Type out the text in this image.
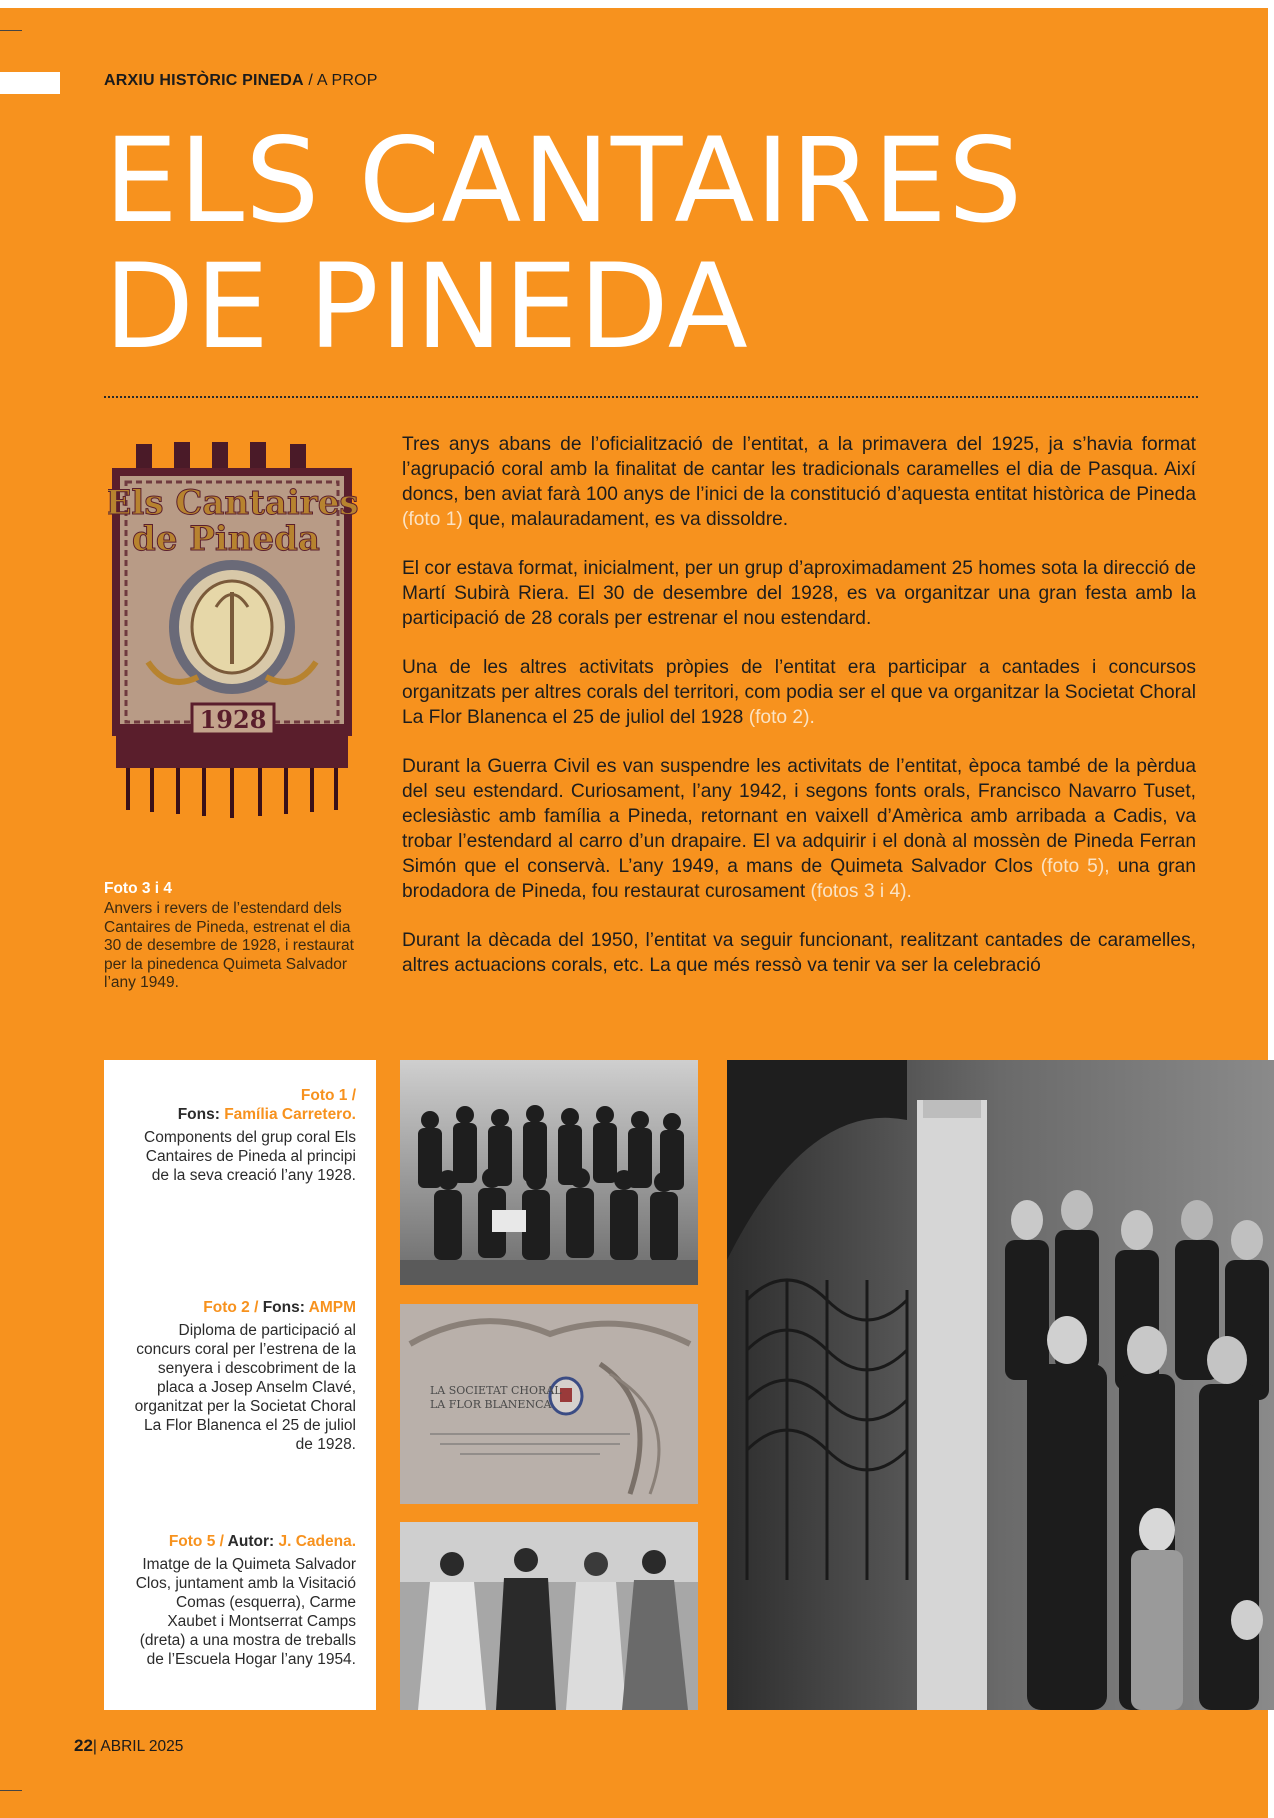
ARXIU HISTÒRIC PINEDA / A PROP
ELS CANTAIRES
DE PINEDA
Els Cantaires
de Pineda
1928
Foto 3 i 4
Anvers i revers de l’estendard dels Cantaires de Pineda, estrenat el dia 30 de desembre de 1928, i restaurat per la pinedenca Quimeta Salvador l’any 1949.

Tres anys abans de l’oficialització de l’entitat, a la primavera del 1925, ja s’havia format l’agrupació coral amb la finalitat de cantar les tradicionals caramelles el dia de Pasqua. Així doncs, ben aviat farà 100 anys de l’inici de la constitució d’aquesta entitat històrica de Pineda (foto 1) que, malauradament, es va dissoldre.

El cor estava format, inicialment, per un grup d’aproximadament 25 homes sota la direcció de Martí Subirà Riera. El 30 de desembre del 1928, es va organitzar una gran festa amb la participació de 28 corals per estrenar el nou estendard.

Una de les altres activitats pròpies de l’entitat era participar a cantades i concursos organitzats per altres corals del territori, com podia ser el que va organitzar la Societat Choral La Flor Blanenca el 25 de juliol del 1928 (foto 2).

Durant la Guerra Civil es van suspendre les activitats de l’entitat, època també de la pèrdua del seu estendard. Curiosament, l’any 1942, i segons fonts orals, Francisco Navarro Tuset, eclesiàstic amb família a Pineda, retornant en vaixell d’Amèrica amb arribada a Cadis, va trobar l’estendard al carro d’un drapaire. El va adquirir i el donà al mossèn de Pineda Ferran Simón que el conservà. L’any 1949, a mans de Quimeta Salvador Clos (foto 5), una gran brodadora de Pineda, fou restaurat curosament (fotos 3 i 4).

Durant la dècada del 1950, l’entitat va seguir funcionant, realitzant cantades de caramelles, altres actuacions corals, etc. La que més ressò va tenir va ser la celebració

Foto 1 /
Fons: Família Carretero.
Components del grup coral Els Cantaires de Pineda al principi de la seva creació l’any 1928.
Foto 2 / Fons: AMPM
Diploma de participació al concurs coral per l’estrena de la senyera i descobriment de la placa a Josep Anselm Clavé, organitzat per la Societat Choral La Flor Blanenca el 25 de juliol de 1928.
Foto 5 / Autor: J. Cadena.
Imatge de la Quimeta Salvador Clos, juntament amb la Visitació Comas (esquerra), Carme Xaubet i Montserrat Camps (dreta) a una mostra de treballs de l’Escuela Hogar l’any 1954.
LA SOCIETAT CHORAL
LA FLOR BLANENCA
22| ABRIL 2025
